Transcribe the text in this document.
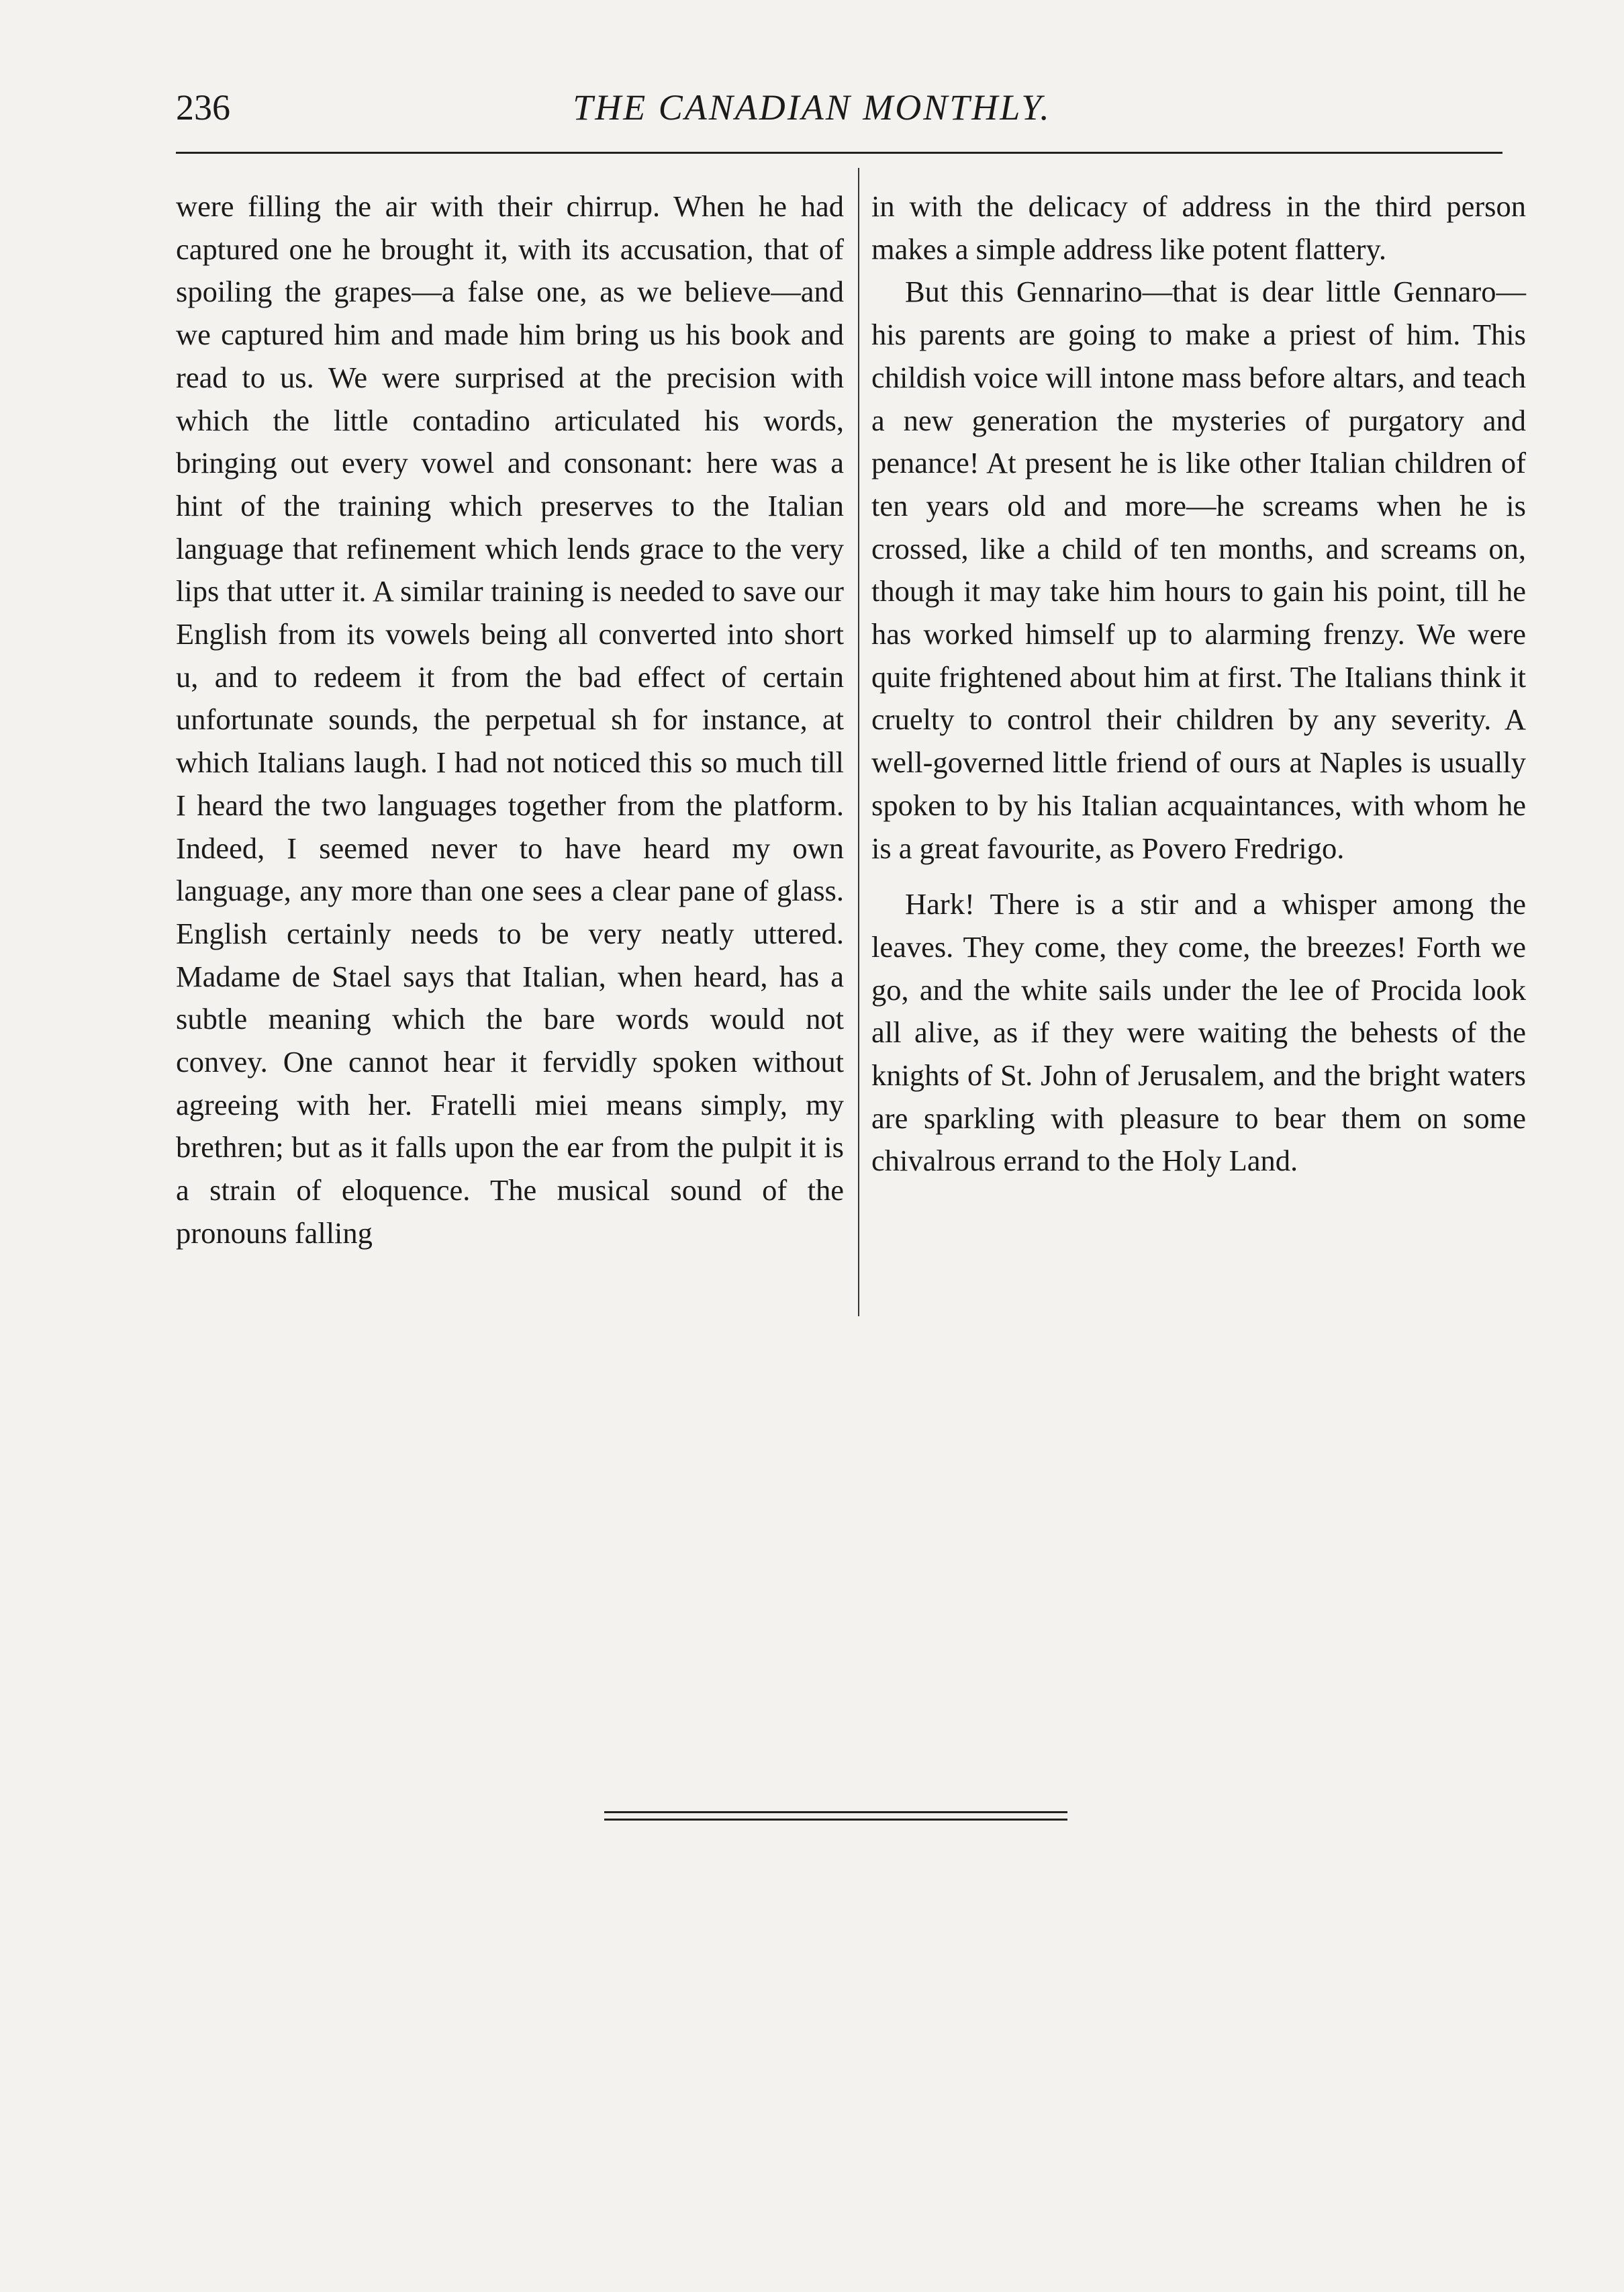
236	THE CANADIAN MONTHLY.

were filling the air with their chirrup. When he had captured one he brought it, with its accusation, that of spoiling the grapes—a false one, as we believe—and we captured him and made him bring us his book and read to us. We were surprised at the precision with which the little contadino articulated his words, bringing out every vowel and consonant: here was a hint of the training which preserves to the Italian language that refinement which lends grace to the very lips that utter it. A similar training is needed to save our English from its vowels being all converted into short u, and to redeem it from the bad effect of certain unfortunate sounds, the perpetual sh for instance, at which Italians laugh. I had not noticed this so much till I heard the two languages together from the platform. Indeed, I seemed never to have heard my own language, any more than one sees a clear pane of glass. English certainly needs to be very neatly uttered. Madame de Stael says that Italian, when heard, has a subtle meaning which the bare words would not convey. One cannot hear it fervidly spoken without agreeing with her. Fratelli miei means simply, my brethren; but as it falls upon the ear from the pulpit it is a strain of eloquence. The musical sound of the pronouns falling

in with the delicacy of address in the third person makes a simple address like potent flattery.

But this Gennarino—that is dear little Gennaro—his parents are going to make a priest of him. This childish voice will intone mass before altars, and teach a new generation the mysteries of purgatory and penance! At present he is like other Italian children of ten years old and more—he screams when he is crossed, like a child of ten months, and screams on, though it may take him hours to gain his point, till he has worked himself up to alarming frenzy. We were quite frightened about him at first. The Italians think it cruelty to control their children by any severity. A well-governed little friend of ours at Naples is usually spoken to by his Italian acquaintances, with whom he is a great favourite, as Povero Fredrigo.

Hark! There is a stir and a whisper among the leaves. They come, they come, the breezes! Forth we go, and the white sails under the lee of Procida look all alive, as if they were waiting the behests of the knights of St. John of Jerusalem, and the bright waters are sparkling with pleasure to bear them on some chivalrous errand to the Holy Land.
